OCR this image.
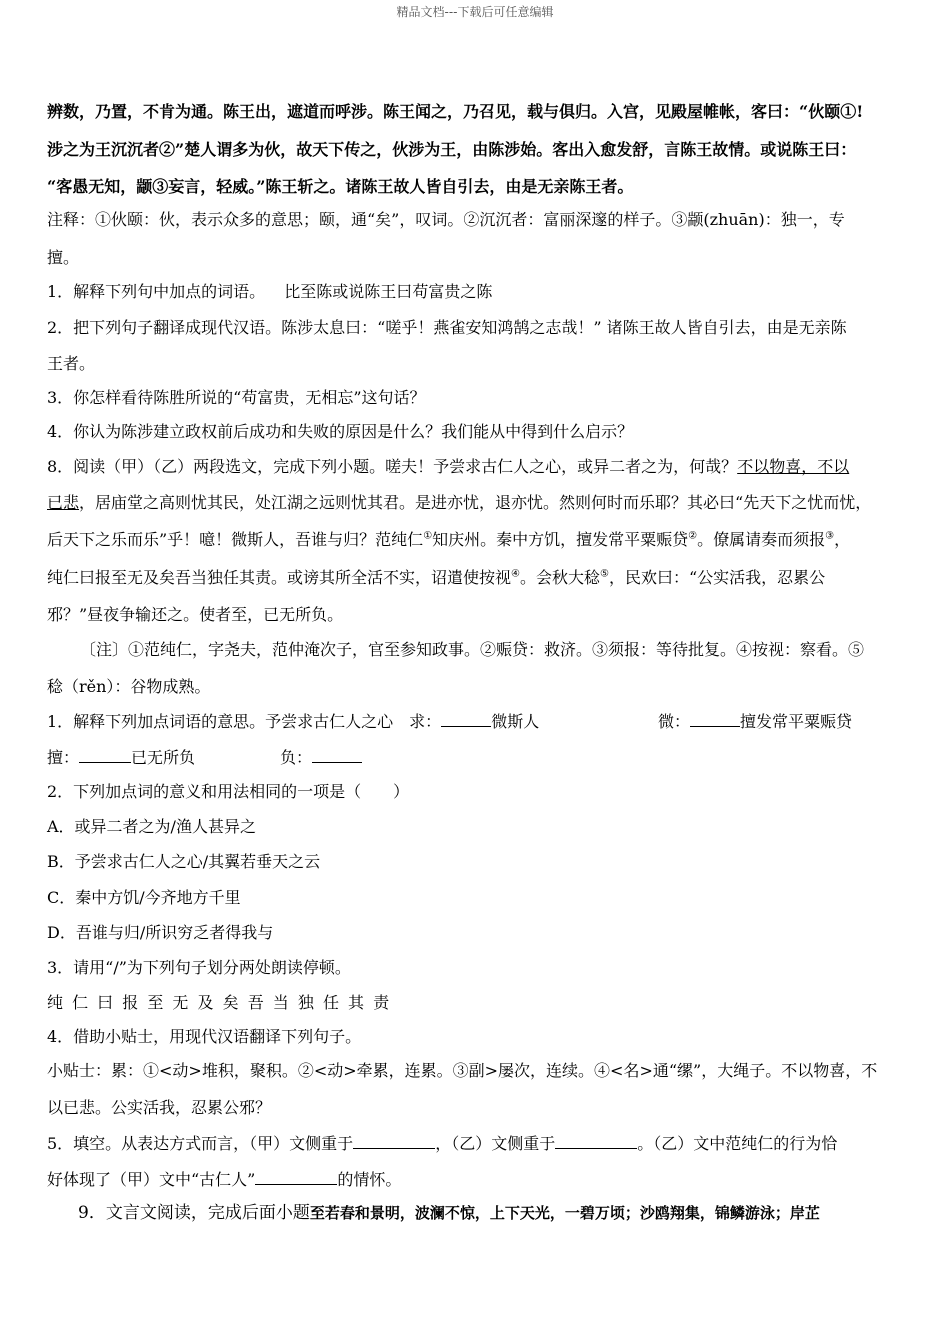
精品文档---下载后可任意编辑
辨数，乃置，不肯为通。陈王出，遮道而呼涉。陈王闻之，乃召见，载与俱归。入宫，见殿屋帷帐，客曰：“伙颐①!
涉之为王沉沉者②”楚人谓多为伙，故天下传之，伙涉为王，由陈涉始。客出入愈发舒，言陈王故情。或说陈王曰：
“客愚无知，颛③妄言，轻威。”陈王斩之。诸陈王故人皆自引去，由是无亲陈王者。
注释：①伙颐：伙，表示众多的意思；颐，通“矣”，叹词。②沉沉者：富丽深邃的样子。③颛(zhuān)：独一，专
擅。
1．解释下列句中加点的词语。 比至陈或说陈王曰苟富贵之陈
2．把下列句子翻译成现代汉语。陈涉太息曰：“嗟乎！燕雀安知鸿鹄之志哉！” 诸陈王故人皆自引去，由是无亲陈
王者。
3．你怎样看待陈胜所说的“苟富贵，无相忘”这句话？
4．你认为陈涉建立政权前后成功和失败的原因是什么？我们能从中得到什么启示？
8．阅读（甲）（乙）两段选文，完成下列小题。嗟夫！予尝求古仁人之心，或异二者之为，何哉？不以物喜，不以
已悲，居庙堂之高则忧其民，处江湖之远则忧其君。是进亦忧，退亦忧。然则何时而乐耶？其必曰“先天下之忧而忧，
后天下之乐而乐”乎！噫！微斯人，吾谁与归？范纯仁①知庆州。秦中方饥，擅发常平粟赈贷②。僚属请奏而须报③，
纯仁曰报至无及矣吾当独任其责。或谤其所全活不实，诏遣使按视④。会秋大稔⑤，民欢曰：“公实活我，忍累公
邪？”昼夜争输还之。使者至，已无所负。
〔注〕①范纯仁，字尧夫，范仲淹次子，官至参知政事。②赈贷：救济。③须报：等待批复。④按视：察看。⑤
稔（rěn）：谷物成熟。
1．解释下列加点词语的意思。予尝求古仁人之心　求：	微斯人	微：	擅发常平粟赈贷
擅：	已无所负	负：
2．下列加点词的意义和用法相同的一项是（　　）
A．或异二者之为/渔人甚异之
B．予尝求古仁人之心/其翼若垂天之云
C．秦中方饥/今齐地方千里
D．吾谁与归/所识穷乏者得我与
3．请用“/”为下列句子划分两处朗读停顿。
纯 仁 曰 报 至 无 及 矣 吾 当 独 任 其 责
4．借助小贴士，用现代汉语翻译下列句子。
小贴士：累：①<动>堆积，聚积。②<动>牵累，连累。③副>屡次，连续。④<名>通“缧”，大绳子。不以物喜，不
以已悲。公实活我，忍累公邪？
5．填空。从表达方式而言，（甲）文侧重于	，（乙）文侧重于	。（乙）文中范纯仁的行为恰
好体现了（甲）文中“古仁人”	的情怀。
9．文言文阅读，完成后面小题至若春和景明，波澜不惊，上下天光，一碧万顷；沙鸥翔集，锦鳞游泳；岸芷
